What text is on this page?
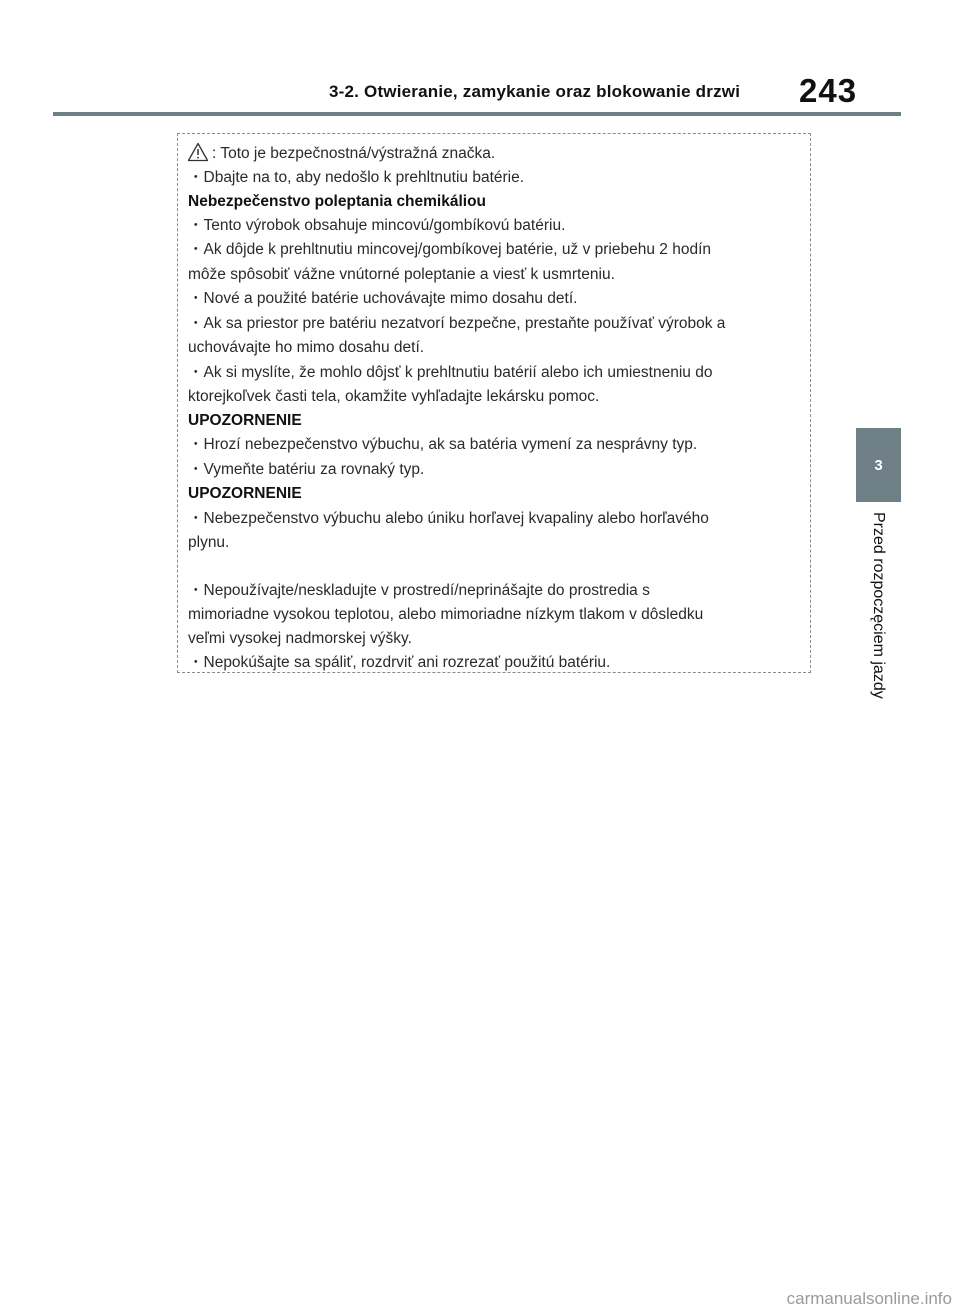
3-2. Otwieranie, zamykanie oraz blokowanie drzwi 243
3
Przed rozpoczęciem jazdy
: Toto je bezpečnostná/výstražná značka.
・Dbajte na to, aby nedošlo k prehltnutiu batérie.
Nebezpečenstvo poleptania chemikáliou
・Tento výrobok obsahuje mincovú/gombíkovú batériu.
・Ak dôjde k prehltnutiu mincovej/gombíkovej batérie, už v priebehu 2 hodín
môže spôsobiť vážne vnútorné poleptanie a viesť k usmrteniu.
・Nové a použité batérie uchovávajte mimo dosahu detí.
・Ak sa priestor pre batériu nezatvorí bezpečne, prestaňte používať výrobok a
uchovávajte ho mimo dosahu detí.
・Ak si myslíte, že mohlo dôjsť k prehltnutiu batérií alebo ich umiestneniu do
ktorejkoľvek časti tela, okamžite vyhľadajte lekársku pomoc.
UPOZORNENIE
・Hrozí nebezpečenstvo výbuchu, ak sa batéria vymení za nesprávny typ.
・Vymeňte batériu za rovnaký typ.
UPOZORNENIE
・Nebezpečenstvo výbuchu alebo úniku horľavej kvapaliny alebo horľavého
plynu.
・Nepoužívajte/neskladujte v prostredí/neprinášajte do prostredia s
mimoriadne vysokou teplotou, alebo mimoriadne nízkym tlakom v dôsledku
veľmi vysokej nadmorskej výšky.
・Nepokúšajte sa spáliť, rozdrviť ani rozrezať použitú batériu.
carmanualsonline.info
